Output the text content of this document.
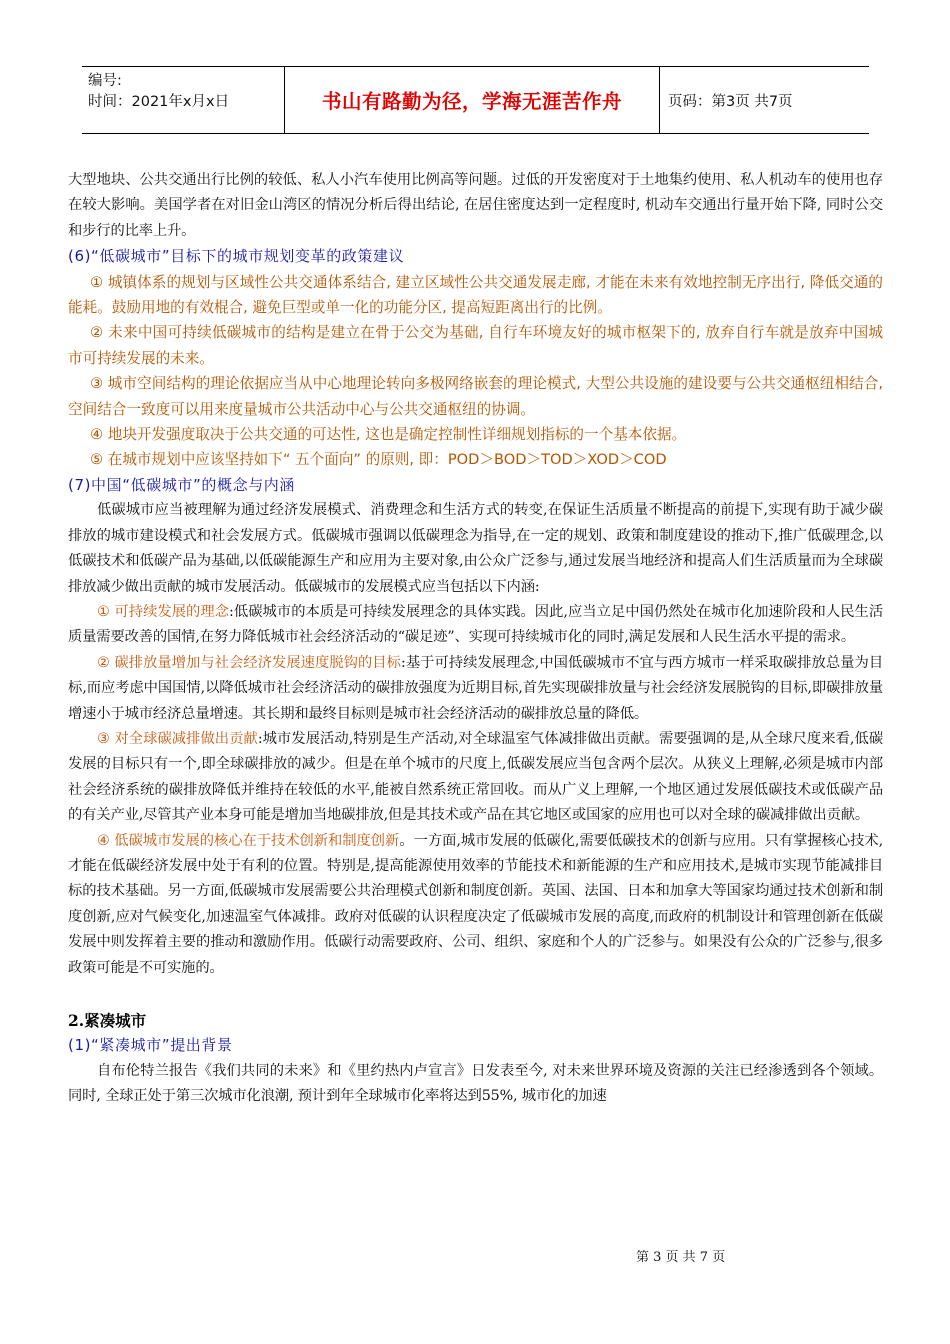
编号:
时间：2021年x月x日	书山有路勤为径，学海无涯苦作舟	页码：第3页 共7页

大型地块、公共交通出行比例的较低、私人小汽车使用比例高等问题。过低的开发密度对于土地集约使用、私人机动车的使用也存在较大影响。美国学者在对旧金山湾区的情况分析后得出结论, 在居住密度达到一定程度时, 机动车交通出行量开始下降, 同时公交和步行的比率上升。

(6)“低碳城市”目标下的城市规划变革的政策建议

① 城镇体系的规划与区域性公共交通体系结合, 建立区域性公共交通发展走廊, 才能在未来有效地控制无序出行, 降低交通的能耗。鼓励用地的有效棍合, 避免巨型或单一化的功能分区, 提高短距离出行的比例。

② 未来中国可持续低碳城市的结构是建立在骨于公交为基础, 自行车环境友好的城市枢架下的, 放弃自行车就是放弃中国城市可持续发展的未来。

③ 城市空间结构的理论依据应当从中心地理论转向多极网络嵌套的理论模式, 大型公共设施的建设要与公共交通枢纽相结合, 空间结合一致度可以用来度量城市公共活动中心与公共交通枢纽的协调。

④ 地块开发强度取决于公共交通的可达性, 这也是确定控制性详细规划指标的一个基本依据。

⑤ 在城市规划中应该坚持如下“ 五个面向” 的原则, 即：POD＞BOD＞TOD＞XOD＞COD

(7)中国“低碳城市”的概念与内涵

低碳城市应当被理解为通过经济发展模式、消费理念和生活方式的转变,在保证生活质量不断提高的前提下,实现有助于减少碳排放的城市建设模式和社会发展方式。低碳城市强调以低碳理念为指导,在一定的规划、政策和制度建设的推动下,推广低碳理念,以低碳技术和低碳产品为基础,以低碳能源生产和应用为主要对象,由公众广泛参与,通过发展当地经济和提高人们生活质量而为全球碳排放减少做出贡献的城市发展活动。低碳城市的发展模式应当包括以下内涵:

① 可持续发展的理念:低碳城市的本质是可持续发展理念的具体实践。因此,应当立足中国仍然处在城市化加速阶段和人民生活质量需要改善的国情,在努力降低城市社会经济活动的“碳足迹”、实现可持续城市化的同时,满足发展和人民生活水平提的需求。

② 碳排放量增加与社会经济发展速度脱钩的目标:基于可持续发展理念,中国低碳城市不宜与西方城市一样采取碳排放总量为目标,而应考虑中国国情,以降低城市社会经济活动的碳排放强度为近期目标,首先实现碳排放量与社会经济发展脱钩的目标,即碳排放量增速小于城市经济总量增速。其长期和最终目标则是城市社会经济活动的碳排放总量的降低。

③ 对全球碳减排做出贡献:城市发展活动,特别是生产活动,对全球温室气体减排做出贡献。需要强调的是,从全球尺度来看,低碳发展的目标只有一个,即全球碳排放的减少。但是在单个城市的尺度上,低碳发展应当包含两个层次。从狭义上理解,必须是城市内部社会经济系统的碳排放降低并维持在较低的水平,能被自然系统正常回收。而从广义上理解,一个地区通过发展低碳技术或低碳产品的有关产业,尽管其产业本身可能是增加当地碳排放,但是其技术或产品在其它地区或国家的应用也可以对全球的碳减排做出贡献。

④ 低碳城市发展的核心在于技术创新和制度创新。一方面,城市发展的低碳化,需要低碳技术的创新与应用。只有掌握核心技术,才能在低碳经济发展中处于有利的位置。特别是,提高能源使用效率的节能技术和新能源的生产和应用技术,是城市实现节能减排目标的技术基础。另一方面,低碳城市发展需要公共治理模式创新和制度创新。英国、法国、日本和加拿大等国家均通过技术创新和制度创新,应对气候变化,加速温室气体减排。政府对低碳的认识程度决定了低碳城市发展的高度,而政府的机制设计和管理创新在低碳发展中则发挥着主要的推动和激励作用。低碳行动需要政府、公司、组织、家庭和个人的广泛参与。如果没有公众的广泛参与,很多政策可能是不可实施的。

2.紧凑城市

(1)“紧凑城市”提出背景

自布伦特兰报告《我们共同的未来》和《里约热内卢宣言》日发表至今, 对未来世界环境及资源的关注已经渗透到各个领域。同时, 全球正处于第三次城市化浪潮, 预计到年全球城市化率将达到55%, 城市化的加速

第 3 页 共 7 页
